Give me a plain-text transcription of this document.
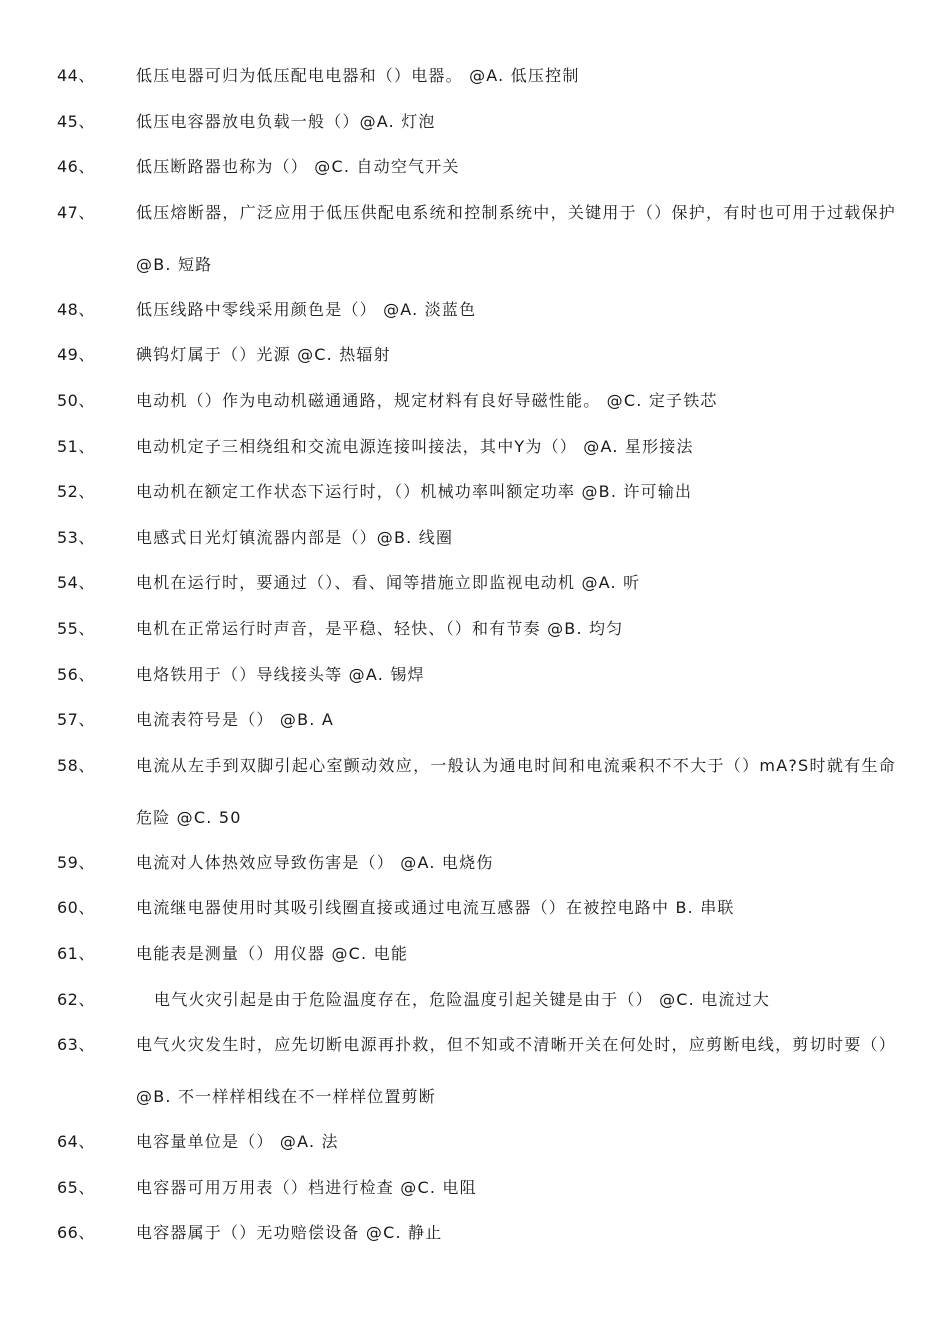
44、	低压电器可归为低压配电电器和（）电器。 @A. 低压控制
45、	低压电容器放电负载一般（）@A. 灯泡
46、	低压断路器也称为（） @C. 自动空气开关
47、	低压熔断器，广泛应用于低压供配电系统和控制系统中，关键用于（）保护，有时也可用于过载保护 @B. 短路
48、	低压线路中零线采用颜色是（） @A. 淡蓝色
49、	碘钨灯属于（）光源 @C. 热辐射
50、	电动机（）作为电动机磁通通路，规定材料有良好导磁性能。 @C. 定子铁芯
51、	电动机定子三相绕组和交流电源连接叫接法，其中Y为（） @A. 星形接法
52、	电动机在额定工作状态下运行时，（）机械功率叫额定功率 @B. 许可输出
53、	电感式日光灯镇流器内部是（）@B. 线圈
54、	电机在运行时，要通过（）、看、闻等措施立即监视电动机 @A. 听
55、	电机在正常运行时声音，是平稳、轻快、（）和有节奏 @B. 均匀
56、	电烙铁用于（）导线接头等 @A. 锡焊
57、	电流表符号是（） @B. A
58、	电流从左手到双脚引起心室颤动效应，一般认为通电时间和电流乘积不不大于（）mA?S时就有生命危险 @C. 50
59、	电流对人体热效应导致伤害是（） @A. 电烧伤
60、	电流继电器使用时其吸引线圈直接或通过电流互感器（）在被控电路中 B. 串联
61、	电能表是测量（）用仪器 @C. 电能
62、	电气火灾引起是由于危险温度存在，危险温度引起关键是由于（） @C. 电流过大
63、	电气火灾发生时，应先切断电源再扑救，但不知或不清晰开关在何处时，应剪断电线，剪切时要（） @B. 不一样样相线在不一样样位置剪断
64、	电容量单位是（） @A. 法
65、	电容器可用万用表（）档进行检查 @C. 电阻
66、	电容器属于（）无功赔偿设备 @C. 静止
